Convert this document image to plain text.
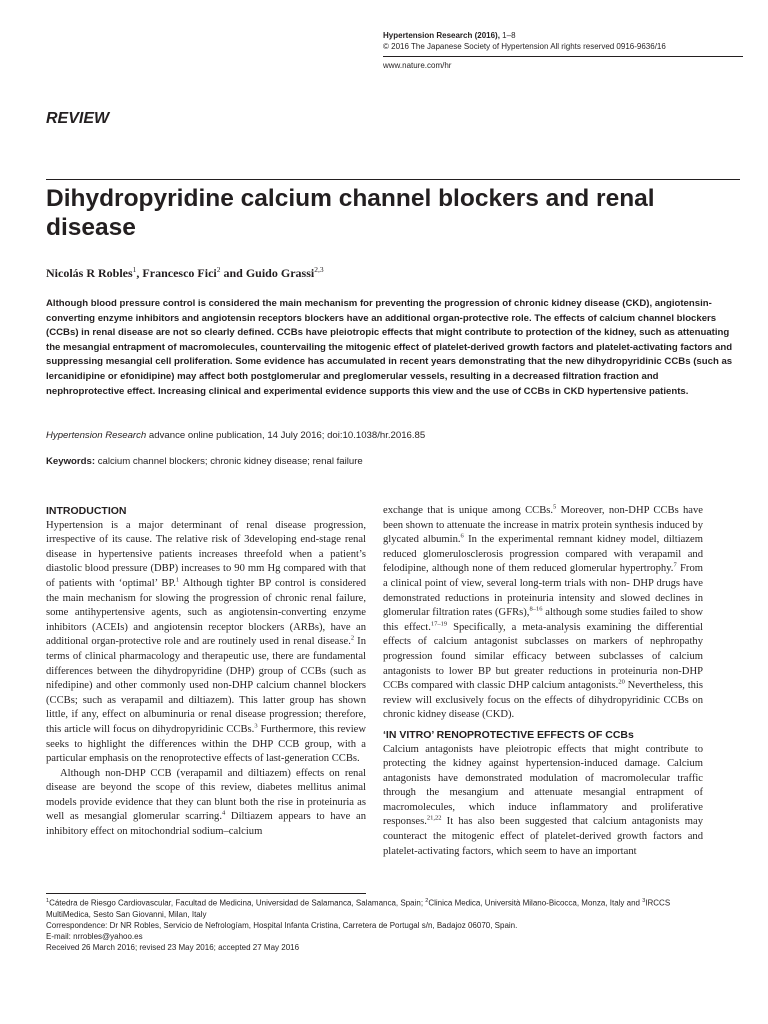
Hypertension Research (2016), 1–8
© 2016 The Japanese Society of Hypertension All rights reserved 0916-9636/16
www.nature.com/hr
REVIEW
Dihydropyridine calcium channel blockers and renal disease
Nicolás R Robles$^1$, Francesco Fici$^2$ and Guido Grassi$^{2,3}$

Although blood pressure control is considered the main mechanism for preventing the progression of chronic kidney disease (CKD), angiotensin-converting enzyme inhibitors and angiotensin receptors blockers have an additional organ-protective role. The effects of calcium channel blockers (CCBs) in renal disease are not so clearly defined. CCBs have pleiotropic effects that might contribute to protection of the kidney, such as attenuating the mesangial entrapment of macromolecules, countervailing the mitogenic effect of platelet-derived growth factors and platelet-activating factors and suppressing mesangial cell proliferation. Some evidence has accumulated in recent years demonstrating that the new dihydropyridinic CCBs (such as lercanidipine or efonidipine) may affect both postglomerular and preglomerular vessels, resulting in a decreased filtration fraction and nephroprotective effect. Increasing clinical and experimental evidence supports this view and the use of CCBs in CKD hypertensive patients.

Hypertension Research advance online publication, 14 July 2016; doi:10.1038/hr.2016.85
Keywords: calcium channel blockers; chronic kidney disease; renal failure
INTRODUCTION

Hypertension is a major determinant of renal disease progression, irrespective of its cause. The relative risk of 3developing end-stage renal disease in hypertensive patients increases threefold when a patient’s diastolic blood pressure (DBP) increases to 90 mm Hg compared with that of patients with ‘optimal’ BP.$^1$ Although tighter BP control is considered the main mechanism for slowing the progression of chronic renal failure, some antihypertensive agents, such as angiotensin-converting enzyme inhibitors (ACEIs) and angiotensin receptor blockers (ARBs), have an additional organ-protective role and are routinely used in renal disease.$^2$ In terms of clinical pharmacology and therapeutic use, there are fundamental differences between the dihydropyridine (DHP) group of CCBs (such as nifedipine) and other commonly used non-DHP calcium channel blockers (CCBs; such as verapamil and diltiazem). This latter group has shown little, if any, effect on albuminuria or renal disease progression; therefore, this article will focus on dihydropyridinic CCBs.$^3$ Furthermore, this review seeks to highlight the differences within the DHP CCB group, with a particular emphasis on the renoprotective effects of last-generation CCBs.

Although non-DHP CCB (verapamil and diltiazem) effects on renal disease are beyond the scope of this review, diabetes mellitus animal models provide evidence that they can blunt both the rise in proteinuria as well as mesangial glomerular scarring.$^4$ Diltiazem appears to have an inhibitory effect on mitochondrial sodium–calcium

exchange that is unique among CCBs.$^5$ Moreover, non-DHP CCBs have been shown to attenuate the increase in matrix protein synthesis induced by glycated albumin.$^6$ In the experimental remnant kidney model, diltiazem reduced glomerulosclerosis progression compared with verapamil and felodipine, although none of them reduced glomerular hypertrophy.$^7$ From a clinical point of view, several long-term trials with non- DHP drugs have demonstrated reductions in proteinuria intensity and slowed declines in glomerular filtration rates (GFRs),$^{8-16}$ although some studies failed to show this effect.$^{17-19}$ Specifically, a meta-analysis examining the differential effects of calcium antagonist subclasses on markers of nephropathy progression found similar efficacy between subclasses of calcium antagonists to lower BP but greater reductions in proteinuria non-DHP CCBs compared with classic DHP calcium antagonists.$^{20}$ Nevertheless, this review will exclusively focus on the effects of dihydropyridinic CCBs on chronic kidney disease (CKD).

‘IN VITRO’ RENOPROTECTIVE EFFECTS OF CCBs

Calcium antagonists have pleiotropic effects that might contribute to protecting the kidney against hypertension-induced damage. Calcium antagonists have demonstrated modulation of macromolecular traffic through the mesangium and attenuate mesangial entrapment of macromolecules, which induce inflammatory and proliferative responses.$^{21,22}$ It has also been suggested that calcium antagonists may counteract the mitogenic effect of platelet-derived growth factors and platelet-activating factors, which seem to have an important

$^1$Cátedra de Riesgo Cardiovascular, Facultad de Medicina, Universidad de Salamanca, Salamanca, Spain; $^2$Clinica Medica, Università Milano-Bicocca, Monza, Italy and $^3$IRCCS
MultiMedica, Sesto San Giovanni, Milan, Italy
Correspondence: Dr NR Robles, Servicio de Nefrologíam, Hospital Infanta Cristina, Carretera de Portugal s/n, Badajoz 06070, Spain.
E-mail: nrrobles@yahoo.es
Received 26 March 2016; revised 23 May 2016; accepted 27 May 2016
